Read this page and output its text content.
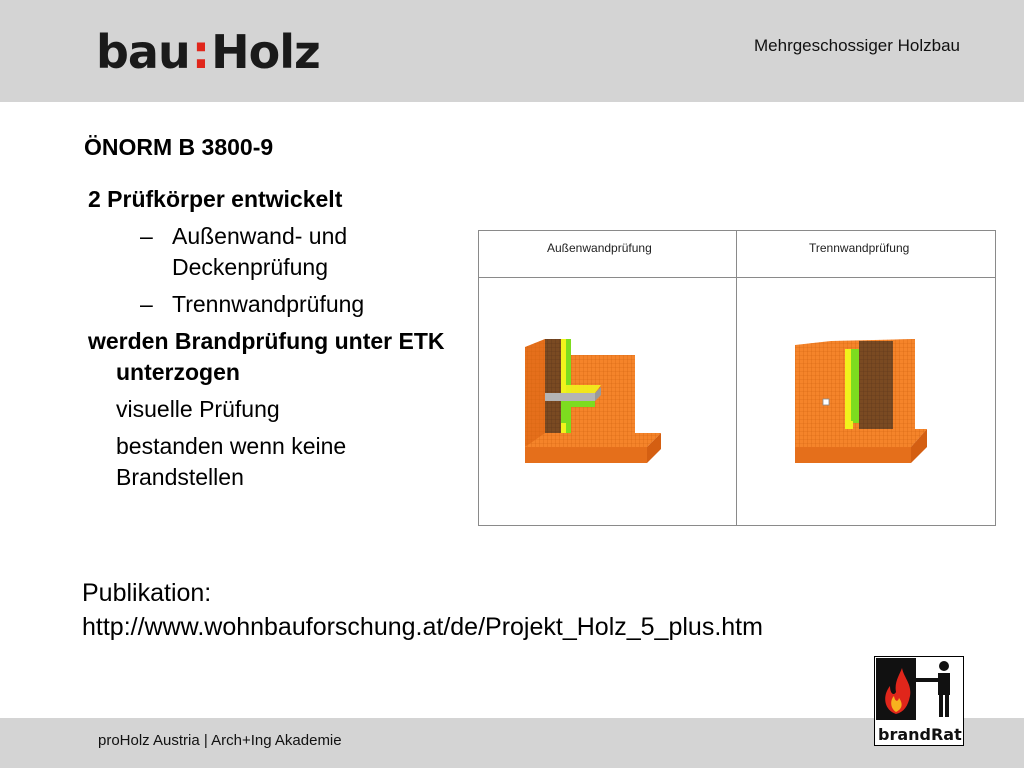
bau:Holz	Mehrgeschossiger Holzbau
ÖNORM B 3800-9
2 Prüfkörper entwickelt
– Außenwand- und Deckenprüfung
– Trennwandprüfung
werden Brandprüfung unter ETK unterzogen
visuelle Prüfung
bestanden wenn keine Brandstellen
Außenwandprüfung	Trennwandprüfung
Publikation:
http://www.wohnbauforschung.at/de/Projekt_Holz_5_plus.htm
proHolz Austria | Arch+Ing Akademie	brandRat
